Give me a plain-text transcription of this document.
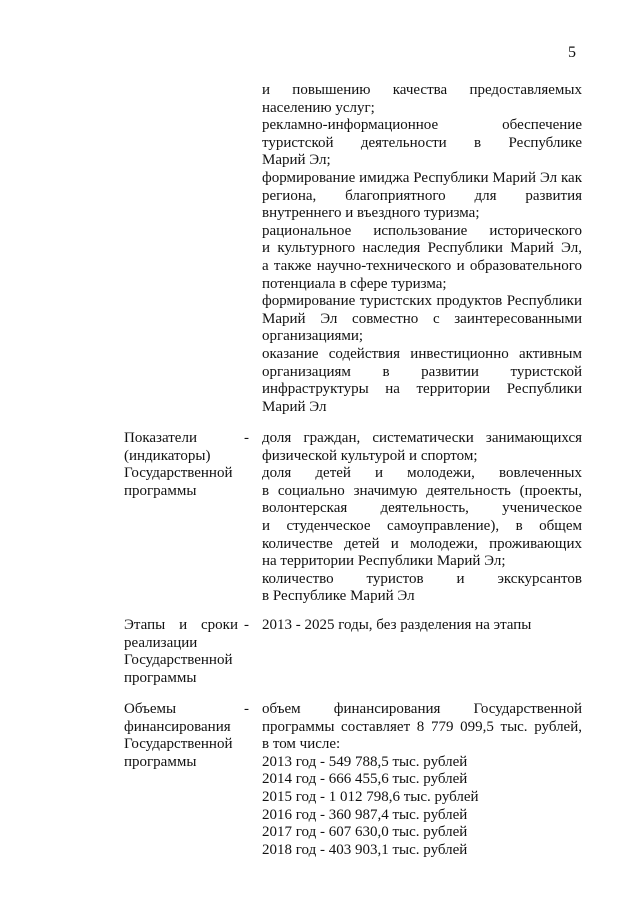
5
и повышению качества предоставляемых
населению услуг;
рекламно-информационное обеспечение
туристской деятельности в Республике
Марий Эл;
формирование имиджа Республики Марий Эл как
региона, благоприятного для развития
внутреннего и въездного туризма;
рациональное использование исторического
и культурного наследия Республики Марий Эл,
а также научно-технического и образовательного
потенциала в сфере туризма;
формирование туристских продуктов Республики
Марий Эл совместно с заинтересованными
организациями;
оказание содействия инвестиционно активным
организациям в развитии туристской
инфраструктуры на территории Республики
Марий Эл
Показатели
(индикаторы)
Государственной
программы
- доля граждан, систематически занимающихся
физической культурой и спортом;
доля детей и молодежи, вовлеченных
в социально значимую деятельность (проекты,
волонтерская деятельность, ученическое
и студенческое самоуправление), в общем
количестве детей и молодежи, проживающих
на территории Республики Марий Эл;
количество туристов и экскурсантов
в Республике Марий Эл
Этапы и сроки
реализации
Государственной
программы
- 2013 - 2025 годы, без разделения на этапы
Объемы
финансирования
Государственной
программы
- объем финансирования Государственной
программы составляет 8 779 099,5 тыс. рублей,
в том числе:
2013 год - 549 788,5 тыс. рублей
2014 год - 666 455,6 тыс. рублей
2015 год - 1 012 798,6 тыс. рублей
2016 год - 360 987,4 тыс. рублей
2017 год - 607 630,0 тыс. рублей
2018 год - 403 903,1 тыс. рублей
